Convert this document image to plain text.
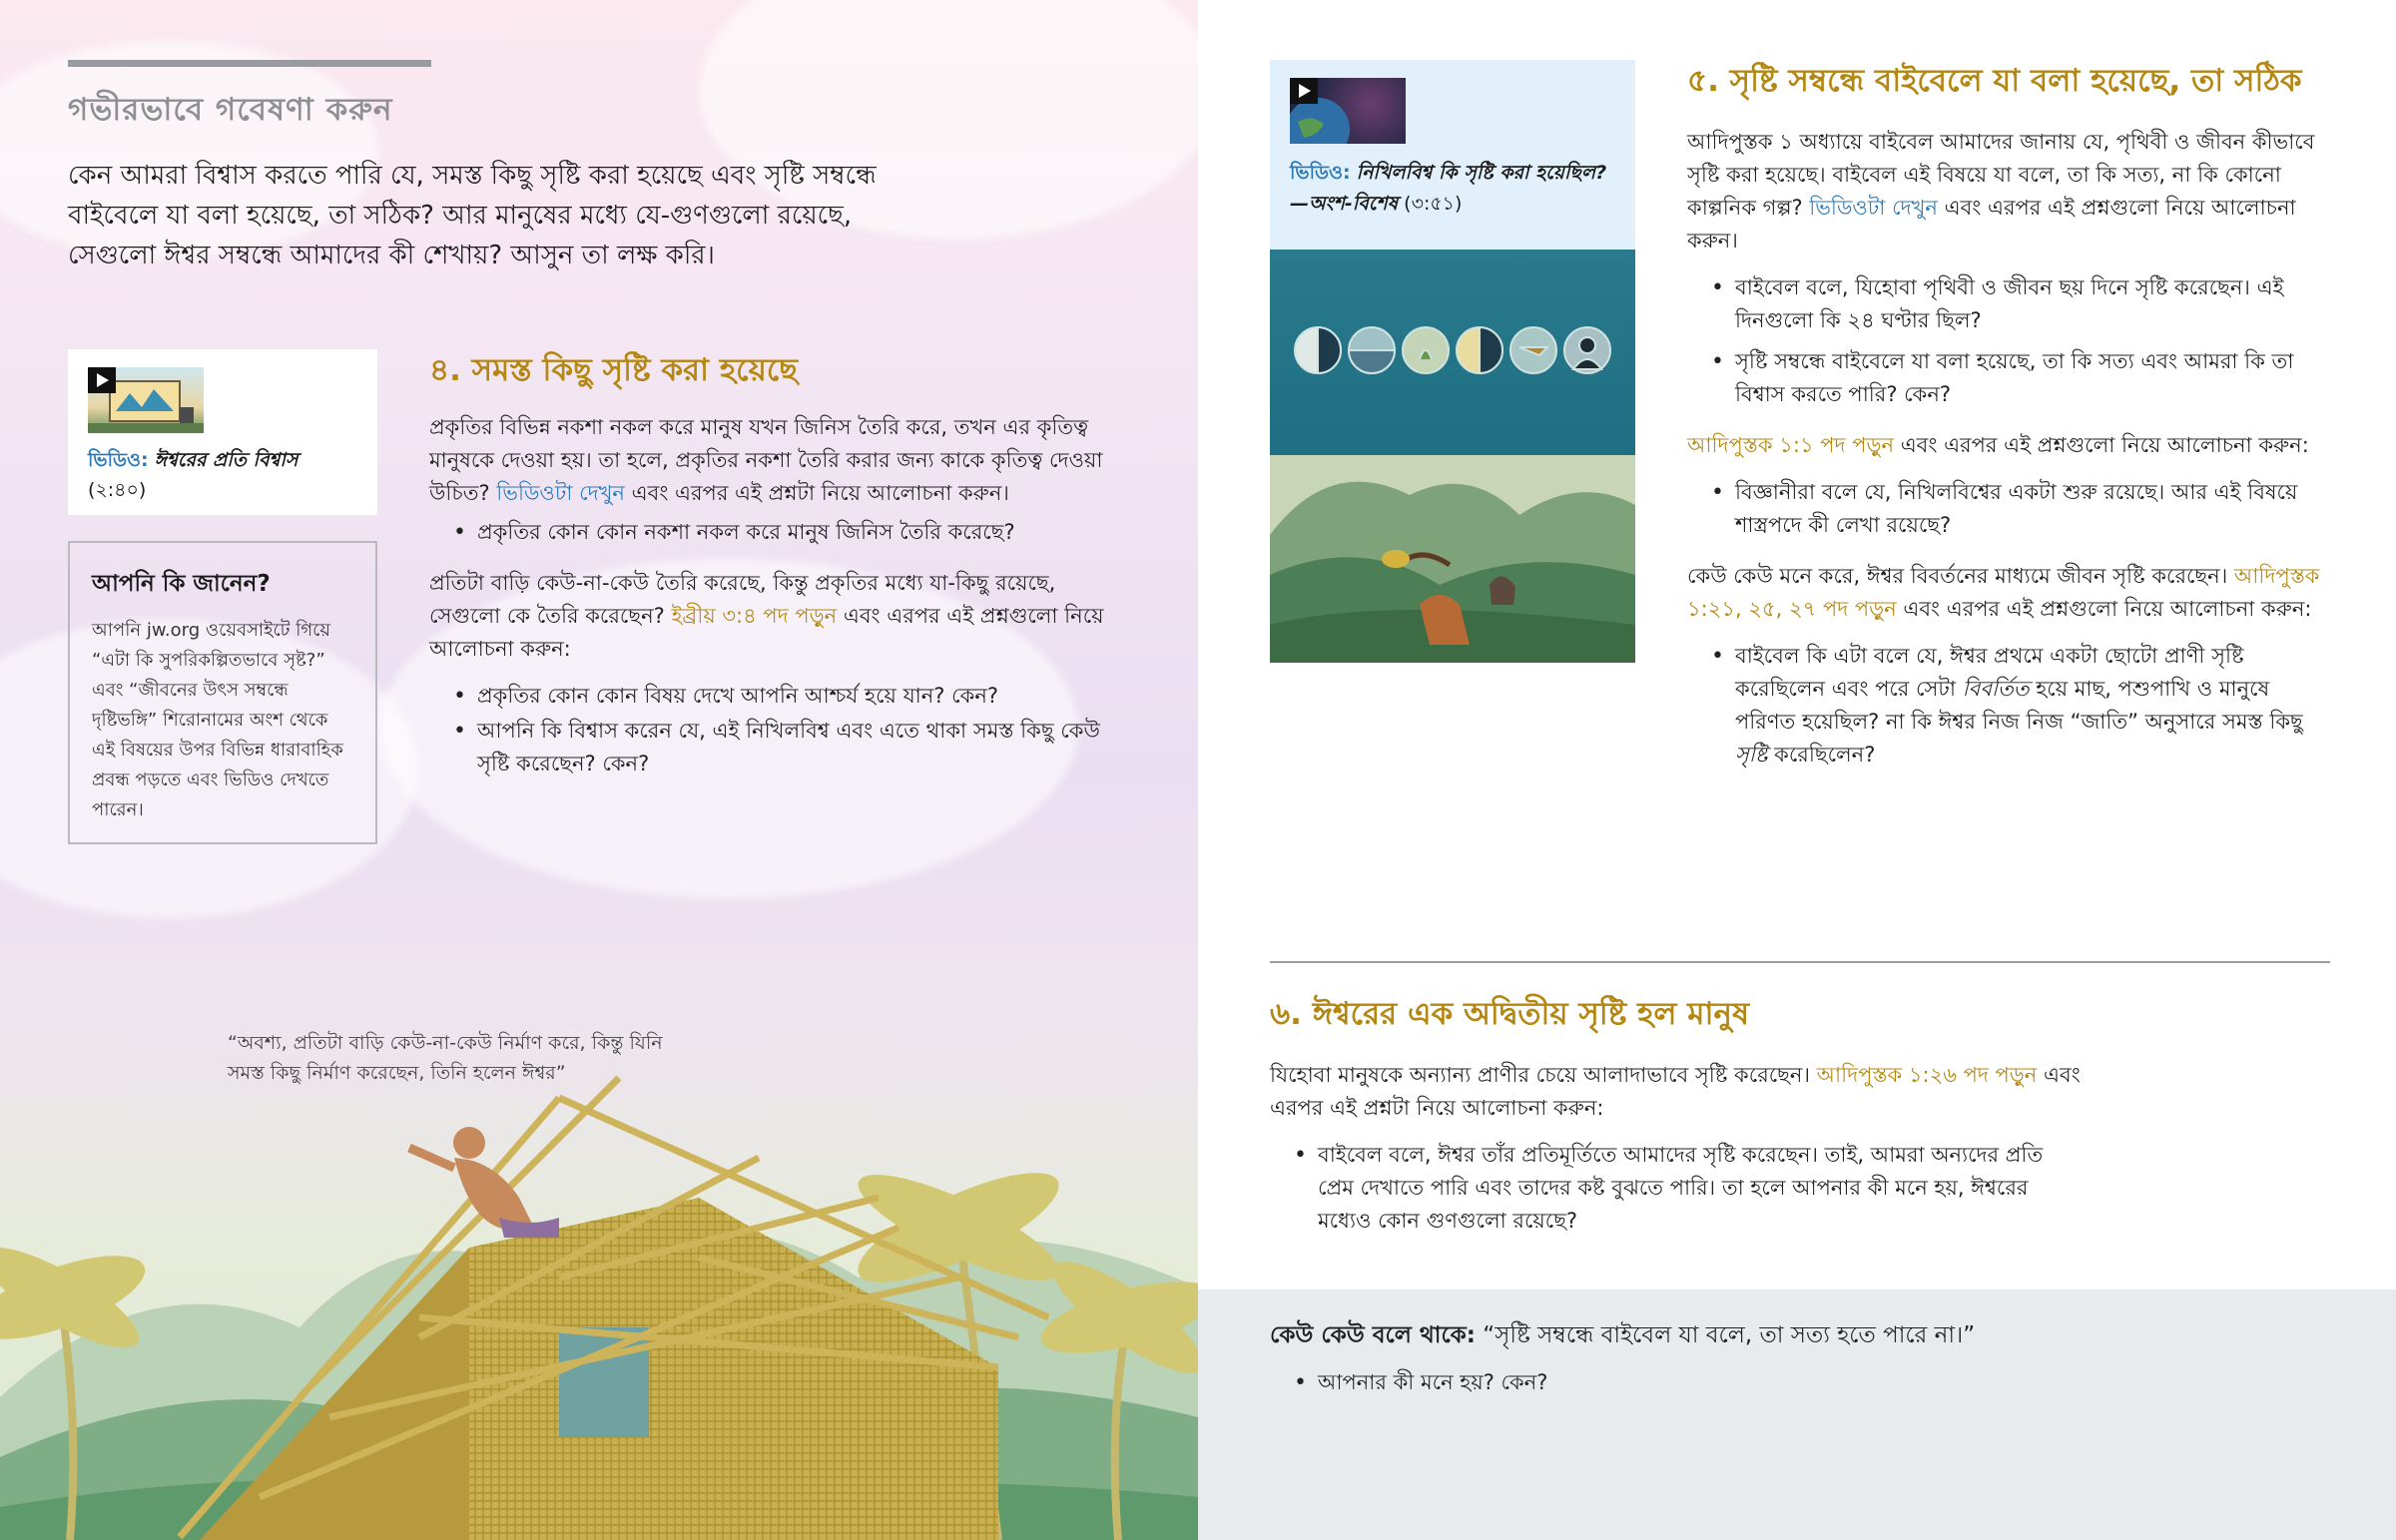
গভীরভাবে গবেষণা করুন

কেন আমরা বিশ্বাস করতে পারি যে, সমস্ত কিছু সৃষ্টি করা হয়েছে এবং সৃষ্টি সম্বন্ধে বাইবেলে যা বলা হয়েছে, তা সঠিক? আর মানুষের মধ্যে যে-গুণগুলো রয়েছে, সেগুলো ঈশ্বর সম্বন্ধে আমাদের কী শেখায়? আসুন তা লক্ষ করি।

ভিডিও: ঈশ্বরের প্রতি বিশ্বাস
(২:৪০)
আপনি কি জানেন?

আপনি jw.org ওয়েবসাইটে গিয়ে “এটা কি সুপরিকল্পিতভাবে সৃষ্ট?” এবং “জীবনের উৎস সম্বন্ধে দৃষ্টিভঙ্গি” শিরোনামের অংশ থেকে এই বিষয়ের উপর বিভিন্ন ধারাবাহিক প্রবন্ধ পড়তে এবং ভিডিও দেখতে পারেন।

৪. সমস্ত কিছু সৃষ্টি করা হয়েছে

প্রকৃতির বিভিন্ন নকশা নকল করে মানুষ যখন জিনিস তৈরি করে, তখন এর কৃতিত্ব মানুষকে দেওয়া হয়। তা হলে, প্রকৃতির নকশা তৈরি করার জন্য কাকে কৃতিত্ব দেওয়া উচিত? ভিডিওটা দেখুন এবং এরপর এই প্রশ্নটা নিয়ে আলোচনা করুন।

• প্রকৃতির কোন কোন নকশা নকল করে মানুষ জিনিস তৈরি করেছে?

প্রতিটা বাড়ি কেউ-না-কেউ তৈরি করেছে, কিন্তু প্রকৃতির মধ্যে যা-কিছু রয়েছে, সেগুলো কে তৈরি করেছেন? ইব্রীয় ৩:৪ পদ পড়ুন এবং এরপর এই প্রশ্নগুলো নিয়ে আলোচনা করুন:

• প্রকৃতির কোন কোন বিষয় দেখে আপনি আশ্চর্য হয়ে যান? কেন?
• আপনি কি বিশ্বাস করেন যে, এই নিখিলবিশ্ব এবং এতে থাকা সমস্ত কিছু কেউ সৃষ্টি করেছেন? কেন?

“অবশ্য, প্রতিটা বাড়ি কেউ-না-কেউ নির্মাণ করে, কিন্তু যিনি সমস্ত কিছু নির্মাণ করেছেন, তিনি হলেন ঈশ্বর”

ভিডিও: নিখিলবিশ্ব কি সৃষ্টি করা হয়েছিল?—অংশ-বিশেষ (৩:৫১)
৫. সৃষ্টি সম্বন্ধে বাইবেলে যা বলা হয়েছে, তা সঠিক

আদিপুস্তক ১ অধ্যায়ে বাইবেল আমাদের জানায় যে, পৃথিবী ও জীবন কীভাবে সৃষ্টি করা হয়েছে। বাইবেল এই বিষয়ে যা বলে, তা কি সত্য, না কি কোনো কাল্পনিক গল্প? ভিডিওটা দেখুন এবং এরপর এই প্রশ্নগুলো নিয়ে আলোচনা করুন।

• বাইবেল বলে, যিহোবা পৃথিবী ও জীবন ছয় দিনে সৃষ্টি করেছেন। এই দিনগুলো কি ২৪ ঘণ্টার ছিল?
• সৃষ্টি সম্বন্ধে বাইবেলে যা বলা হয়েছে, তা কি সত্য এবং আমরা কি তা বিশ্বাস করতে পারি? কেন?

আদিপুস্তক ১:১ পদ পড়ুন এবং এরপর এই প্রশ্নগুলো নিয়ে আলোচনা করুন:

• বিজ্ঞানীরা বলে যে, নিখিলবিশ্বের একটা শুরু রয়েছে। আর এই বিষয়ে শাস্ত্রপদে কী লেখা রয়েছে?

কেউ কেউ মনে করে, ঈশ্বর বিবর্তনের মাধ্যমে জীবন সৃষ্টি করেছেন। আদিপুস্তক ১:২১, ২৫, ২৭ পদ পড়ুন এবং এরপর এই প্রশ্নগুলো নিয়ে আলোচনা করুন:

• বাইবেল কি এটা বলে যে, ঈশ্বর প্রথমে একটা ছোটো প্রাণী সৃষ্টি করেছিলেন এবং পরে সেটা বিবর্তিত হয়ে মাছ, পশুপাখি ও মানুষে পরিণত হয়েছিল? না কি ঈশ্বর নিজ নিজ “জাতি” অনুসারে সমস্ত কিছু সৃষ্টি করেছিলেন?
৬. ঈশ্বরের এক অদ্বিতীয় সৃষ্টি হল মানুষ

যিহোবা মানুষকে অন্যান্য প্রাণীর চেয়ে আলাদাভাবে সৃষ্টি করেছেন। আদিপুস্তক ১:২৬ পদ পড়ুন এবং এরপর এই প্রশ্নটা নিয়ে আলোচনা করুন:

• বাইবেল বলে, ঈশ্বর তাঁর প্রতিমূর্তিতে আমাদের সৃষ্টি করেছেন। তাই, আমরা অন্যদের প্রতি প্রেম দেখাতে পারি এবং তাদের কষ্ট বুঝতে পারি। তা হলে আপনার কী মনে হয়, ঈশ্বরের মধ্যেও কোন গুণগুলো রয়েছে?

কেউ কেউ বলে থাকে: “সৃষ্টি সম্বন্ধে বাইবেল যা বলে, তা সত্য হতে পারে না।”

• আপনার কী মনে হয়? কেন?
